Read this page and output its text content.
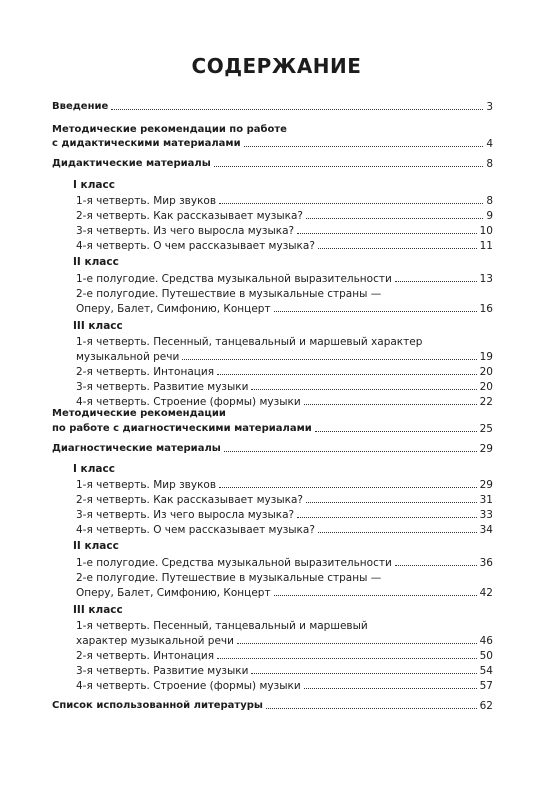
СОДЕРЖАНИЕ
Введение	3
Методические рекомендации по работе
с дидактическими материалами	4
Дидактические материалы	8
I класс
1-я четверть. Мир звуков	8
2-я четверть. Как рассказывает музыка?	9
3-я четверть. Из чего выросла музыка?	10
4-я четверть. О чем рассказывает музыка?	11
II класс
1-е полугодие. Средства музыкальной выразительности	13
2-е полугодие. Путешествие в музыкальные страны —
Оперу, Балет, Симфонию, Концерт	16
III класс
1-я четверть. Песенный, танцевальный и маршевый характер
музыкальной речи	19
2-я четверть. Интонация	20
3-я четверть. Развитие музыки	20
4-я четверть. Строение (формы) музыки	22
Методические рекомендации
по работе с диагностическими материалами	25
Диагностические материалы	29
I класс
1-я четверть. Мир звуков	29
2-я четверть. Как рассказывает музыка?	31
3-я четверть. Из чего выросла музыка?	33
4-я четверть. О чем рассказывает музыка?	34
II класс
1-е полугодие. Средства музыкальной выразительности	36
2-е полугодие. Путешествие в музыкальные страны —
Оперу, Балет, Симфонию, Концерт	42
III класс
1-я четверть. Песенный, танцевальный и маршевый
характер музыкальной речи	46
2-я четверть. Интонация	50
3-я четверть. Развитие музыки	54
4-я четверть. Строение (формы) музыки	57
Список использованной литературы	62
